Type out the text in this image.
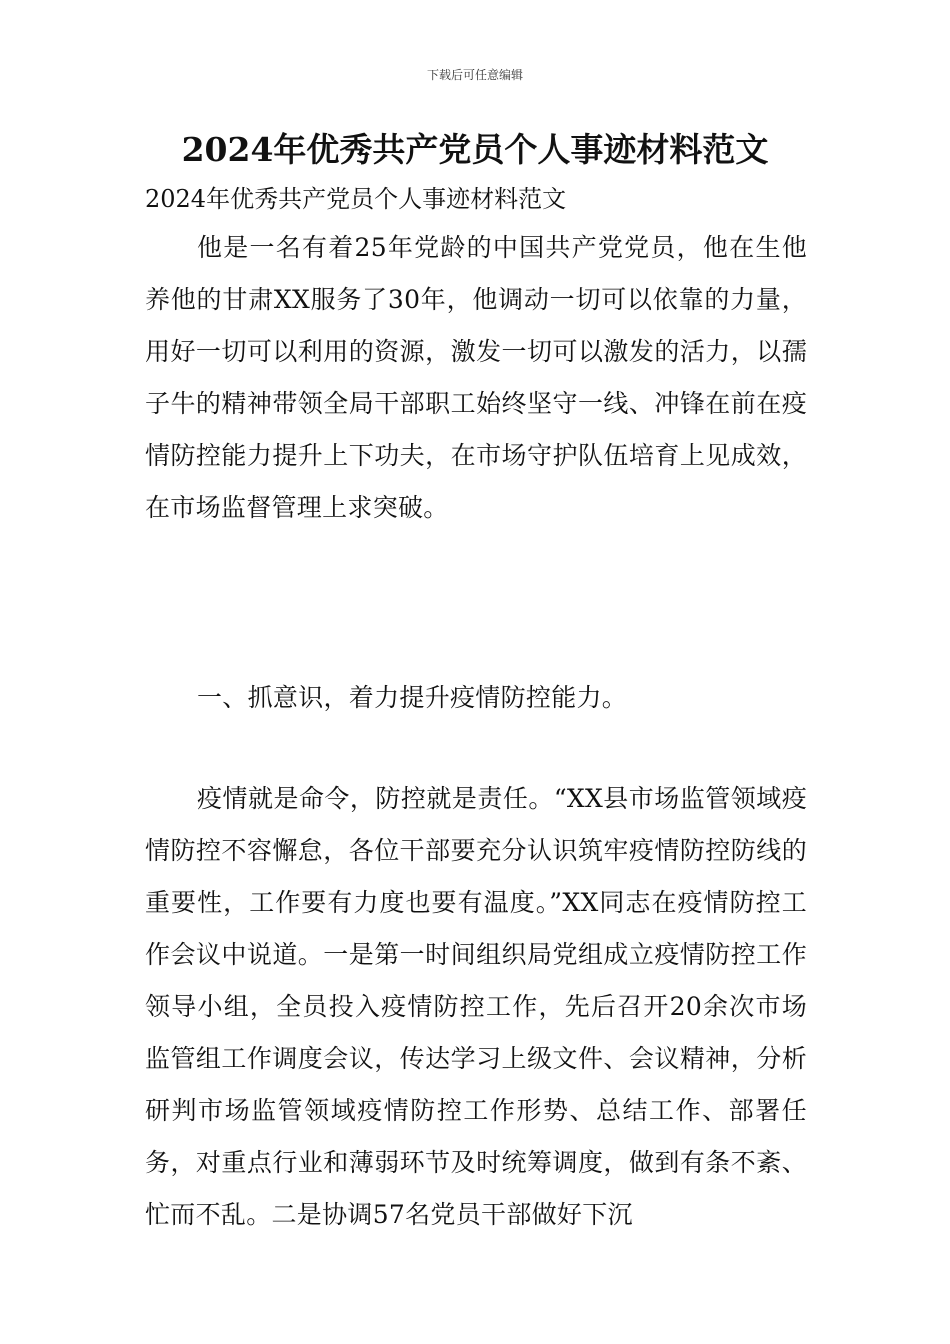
下载后可任意编辑
2024年优秀共产党员个人事迹材料范文
2024年优秀共产党员个人事迹材料范文
他是一名有着25年党龄的中国共产党党员，他在生他养他的甘肃XX服务了30年，他调动一切可以依靠的力量，用好一切可以利用的资源，激发一切可以激发的活力，以孺子牛的精神带领全局干部职工始终坚守一线、冲锋在前在疫情防控能力提升上下功夫，在市场守护队伍培育上见成效，在市场监督管理上求突破。
一、抓意识，着力提升疫情防控能力。
疫情就是命令，防控就是责任。“XX县市场监管领域疫情防控不容懈怠，各位干部要充分认识筑牢疫情防控防线的重要性，工作要有力度也要有温度。”XX同志在疫情防控工作会议中说道。一是第一时间组织局党组成立疫情防控工作领导小组，全员投入疫情防控工作，先后召开20余次市场监管组工作调度会议，传达学习上级文件、会议精神，分析研判市场监管领域疫情防控工作形势、总结工作、部署任务，对重点行业和薄弱环节及时统筹调度，做到有条不紊、忙而不乱。二是协调57名党员干部做好下沉
